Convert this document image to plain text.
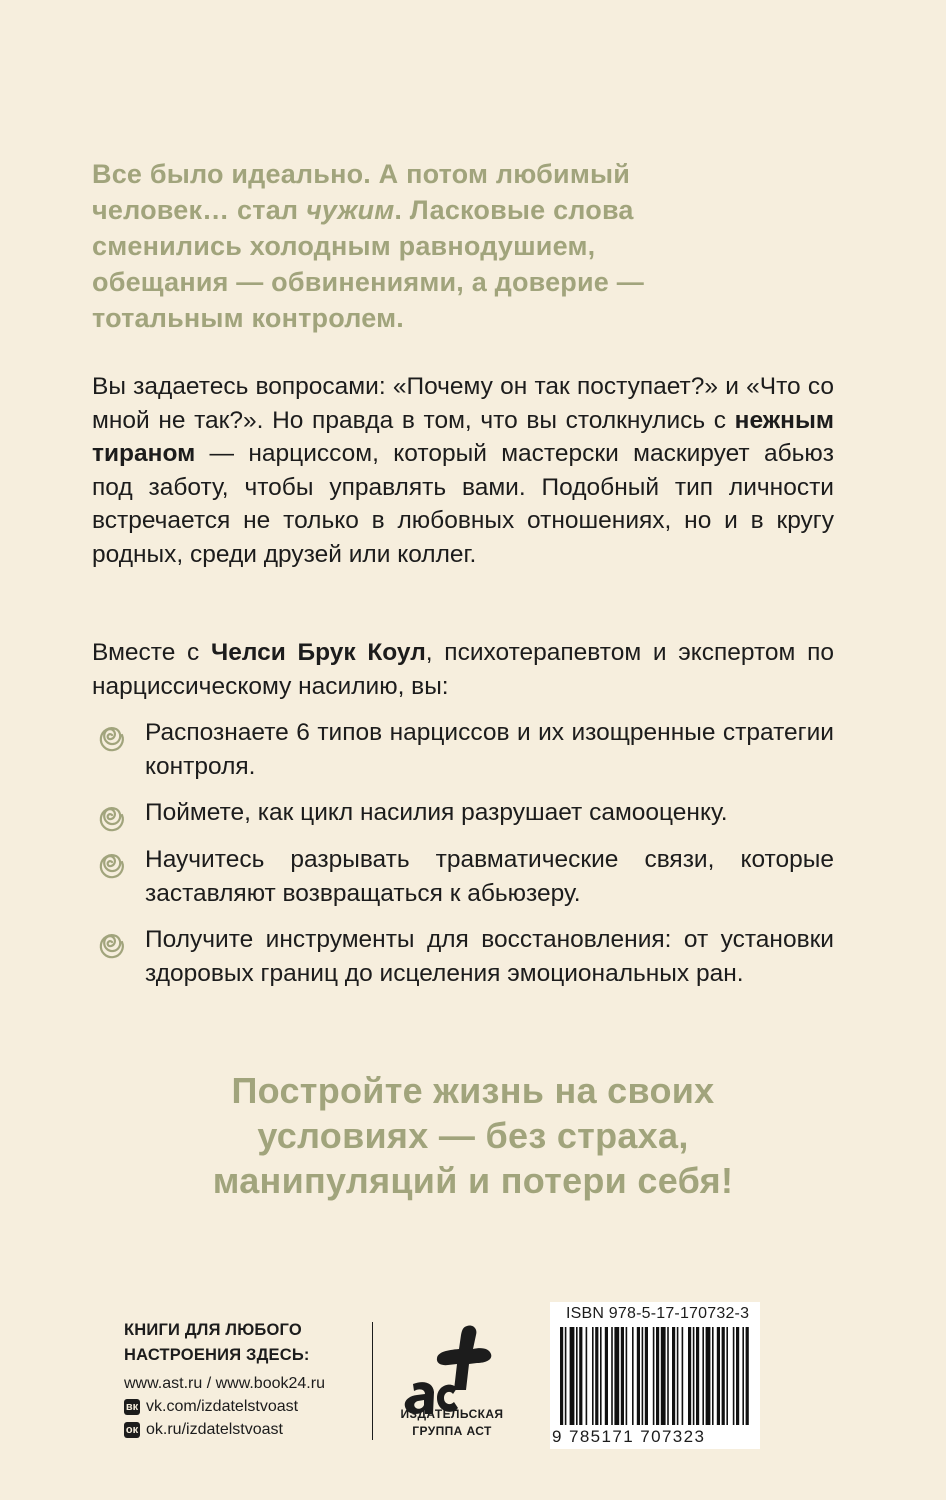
Все было идеально. А потом любимый человек… стал чужим. Ласковые слова сменились холодным равнодушием, обещания — обвинениями, а доверие — тотальным контролем.
Вы задаетесь вопросами: «Почему он так поступает?» и «Что со мной не так?». Но правда в том, что вы столкнулись с нежным тираном — нарциссом, который мастерски маскирует абьюз под заботу, чтобы управлять вами. Подобный тип личности встречается не только в любовных отношениях, но и в кругу родных, среди друзей или коллег.
Вместе с Челси Брук Коул, психотерапевтом и экспертом по нарциссическому насилию, вы:
Распознаете 6 типов нарциссов и их изощренные стратегии контроля.
Поймете, как цикл насилия разрушает самооценку.
Научитесь разрывать травматические связи, которые заставляют возвращаться к абьюзеру.
Получите инструменты для восстановления: от установки здоровых границ до исцеления эмоциональных ран.
Постройте жизнь на своих
условиях — без страха,
манипуляций и потери себя!
КНИГИ ДЛЯ ЛЮБОГО
НАСТРОЕНИЯ ЗДЕСЬ:
www.ast.ru / www.book24.ru
вк vk.com/izdatelstvoast
ок ok.ru/izdatelstvoast
ИЗДАТЕЛЬСКАЯ
ГРУППА АСТ
ISBN 978-5-17-170732-3
9 785171 707323
